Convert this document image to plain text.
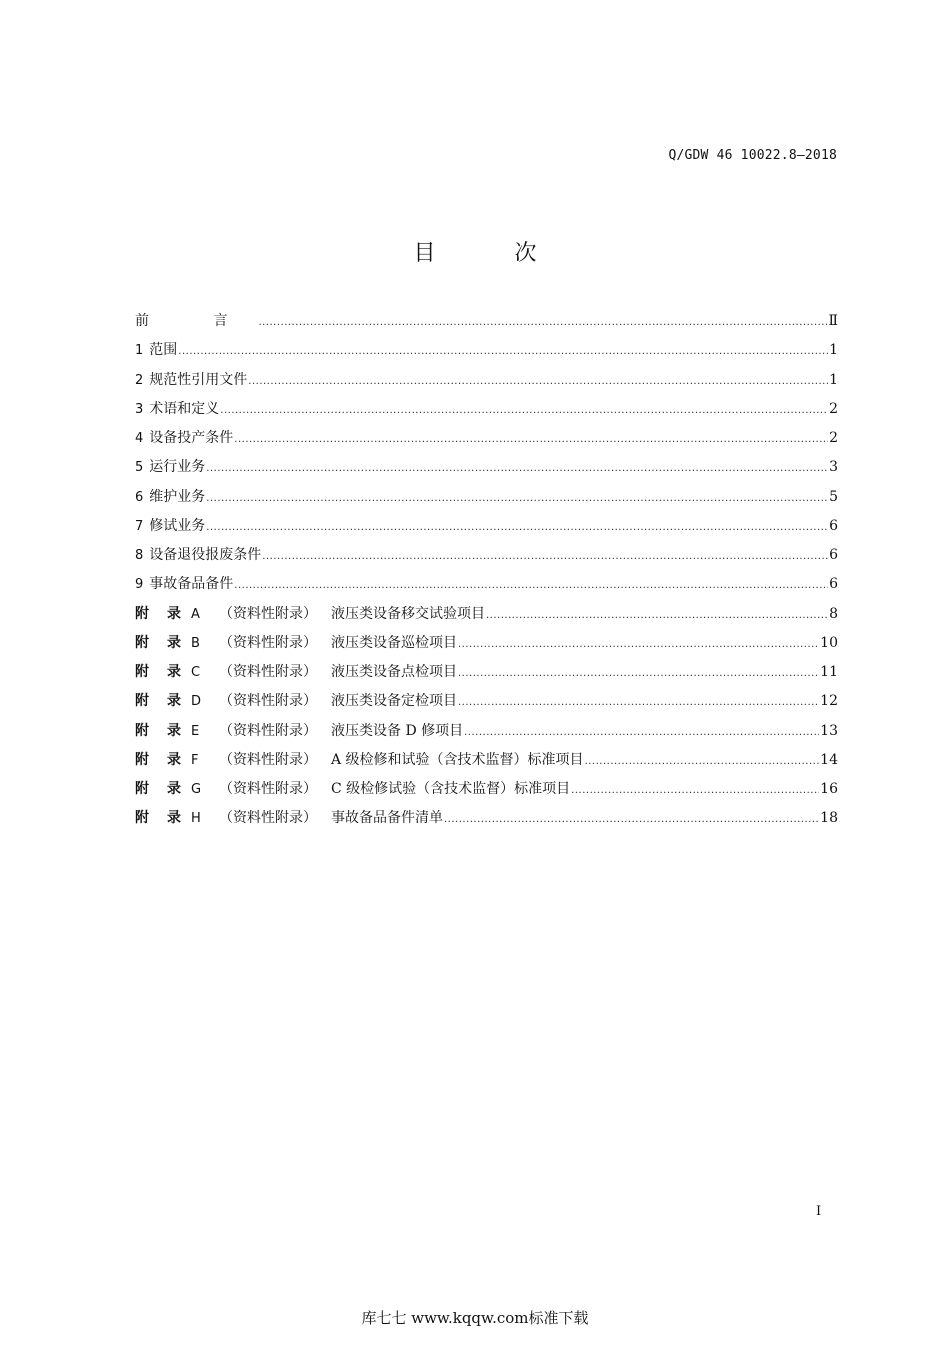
Q/GDW 46 10022.8—2018
目 次
前 言 .....	Ⅱ
1 范围 .....	1
2 规范性引用文件 .....	1
3 术语和定义 .....	2
4 设备投产条件 .....	2
5 运行业务 .....	3
6 维护业务 .....	5
7 修试业务 .....	6
8 设备退役报废条件 .....	6
9 事故备品备件 .....	6
附 录 A （资料性附录） 液压类设备移交试验项目 .....	8
附 录 B （资料性附录） 液压类设备巡检项目 .....	10
附 录 C （资料性附录） 液压类设备点检项目 .....	11
附 录 D （资料性附录） 液压类设备定检项目 .....	12
附 录 E （资料性附录） 液压类设备 D 修项目 .....	13
附 录 F （资料性附录） A 级检修和试验（含技术监督）标准项目 .....	14
附 录 G （资料性附录） C 级检修试验（含技术监督）标准项目 .....	16
附 录 H （资料性附录） 事故备品备件清单 .....	18
I
库七七 www.kqqw.com标准下载
